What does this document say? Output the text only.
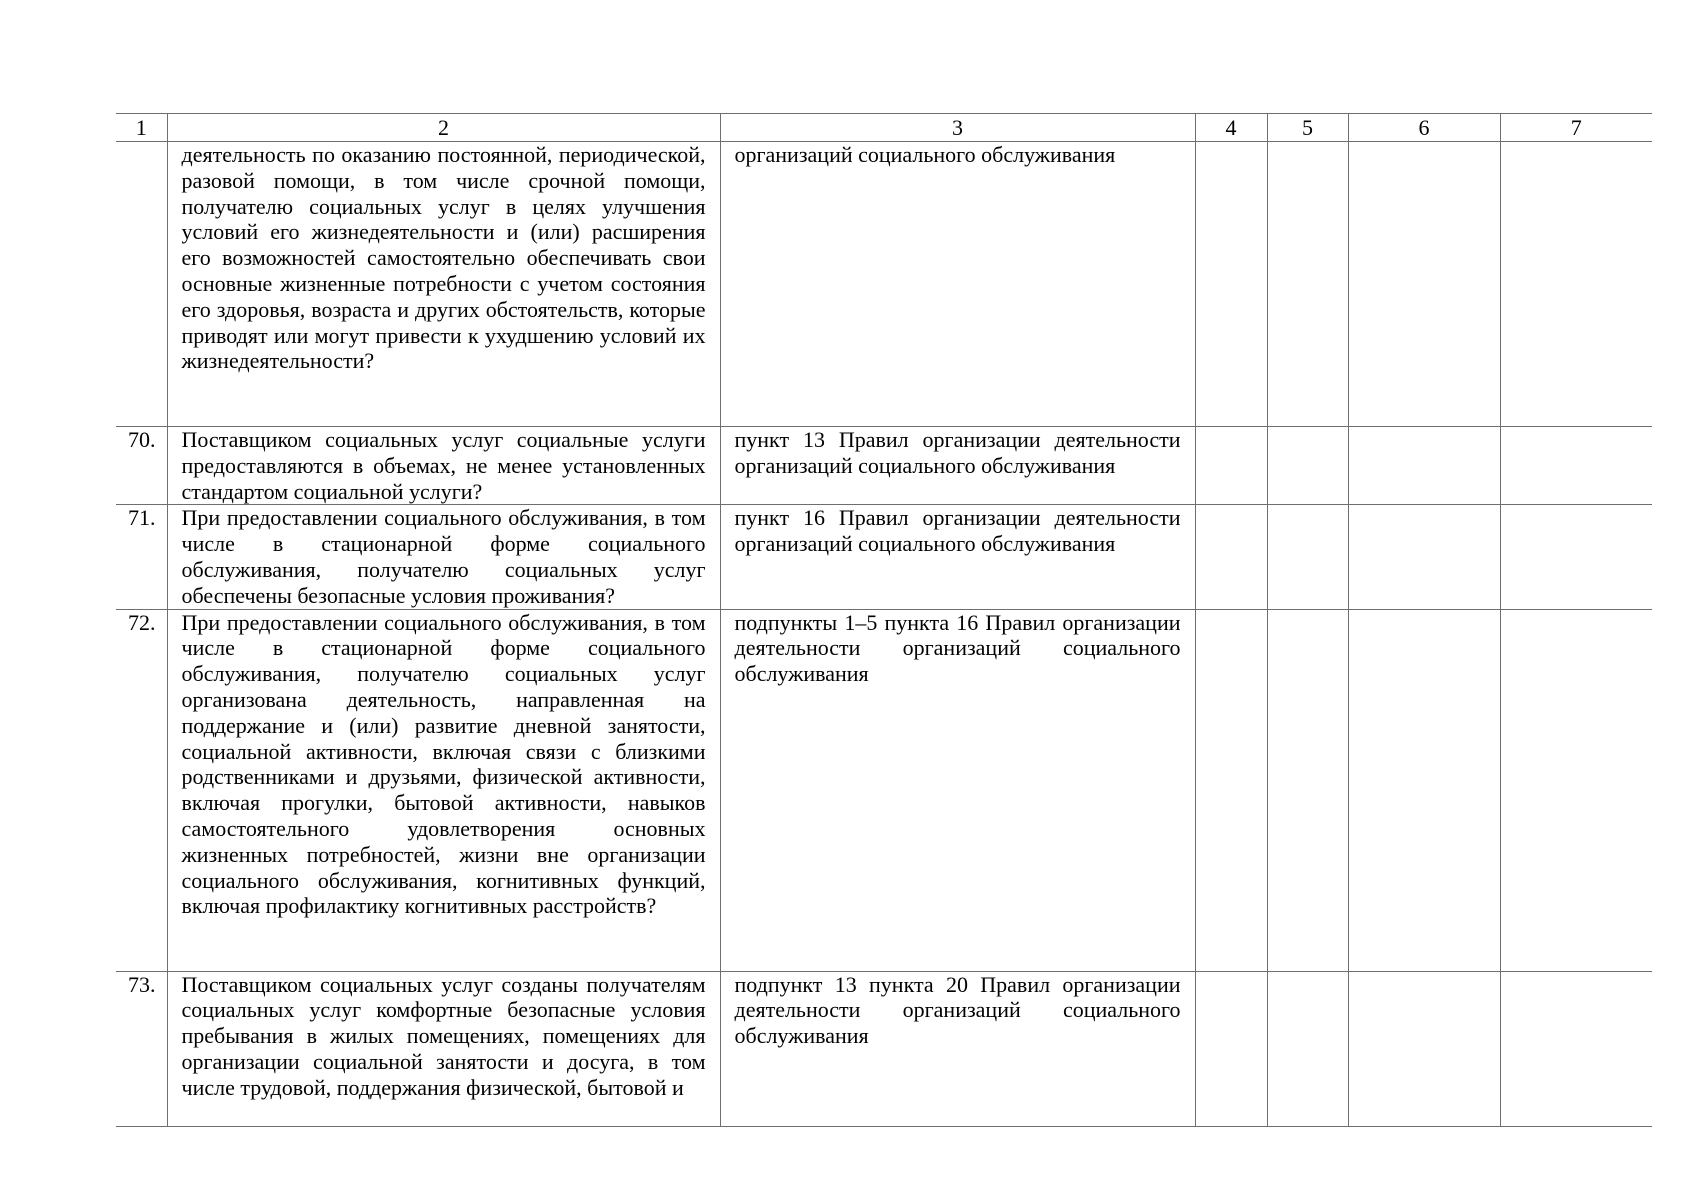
1	2	3	4	5	6	7
	деятельность по оказанию постоянной, периодической, разовой помощи, в том числе срочной помощи, получателю социальных услуг в целях улучшения условий его жизнедеятельности и (или) расширения его возможностей самостоятельно обеспечивать свои основные жизненные потребности с учетом состояния его здоровья, возраста и других обстоятельств, которые приводят или могут привести к ухудшению условий их жизнедеятельности?	организаций социального обслуживания				
70.	Поставщиком социальных услуг социальные услуги предоставляются в объемах, не менее установленных стандартом социальной услуги?	пункт 13 Правил организации деятельности организаций социального обслуживания				
71.	При предоставлении социального обслуживания, в том числе в стационарной форме социального обслуживания, получателю социальных услуг обеспечены безопасные условия проживания?	пункт 16 Правил организации деятельности организаций социального обслуживания				
72.	При предоставлении социального обслуживания, в том числе в стационарной форме социального обслуживания, получателю социальных услуг организована деятельность, направленная на поддержание и (или) развитие дневной занятости, социальной активности, включая связи с близкими родственниками и друзьями, физической активности, включая прогулки, бытовой активности, навыков самостоятельного удовлетворения основных жизненных потребностей, жизни вне организации социального обслуживания, когнитивных функций, включая профилактику когнитивных расстройств?	подпункты 1–5 пункта 16 Правил организации деятельности организаций социального обслуживания				
73.	Поставщиком социальных услуг созданы получателям социальных услуг комфортные безопасные условия пребывания в жилых помещениях, помещениях для организации социальной занятости и досуга, в том числе трудовой, поддержания физической, бытовой и	подпункт 13 пункта 20 Правил организации деятельности организаций социального обслуживания				
